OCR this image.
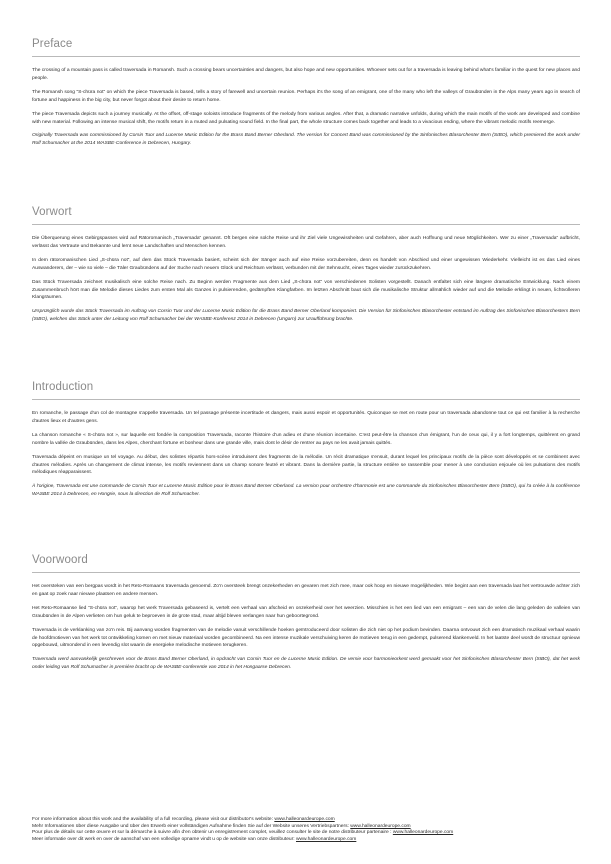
Preface

The crossing of a mountain pass is called traversada in Romansh. Such a crossing bears uncertainties and dangers, but also hope and new opportunities. Whoever sets out for a traversada is leaving behind what's familiar in the quest for new places and people.

The Romansh song “S-chüra not” on which the piece Traversada is based, tells a story of farewell and uncertain reunion. Perhaps it's the song of an emigrant, one of the many who left the valleys of Graubünden in the Alps many years ago in search of fortune and happiness in the big city, but never forgot about their desire to return home.

The piece Traversada depicts such a journey musically. At the offset, off-stage soloists introduce fragments of the melody from various angles. After that, a dramatic narrative unfolds, during which the main motifs of the work are developed and combine with new material. Following an intense musical shift, the motifs return in a muted and pulsating sound field. In the final part, the whole structure comes back together and leads to a vivacious ending, where the vibrant melodic motifs reemerge.

Originally Traversada was commissioned by Corsin Tuor and Lucerne Music Edition for the Brass Band Berner Oberland. The version for Concert Band was commissioned by the Sinfonisches Blasorchester Bern (SIBO), which premiered the work under Rolf Schumacher at the 2014 WASBE-Conference in Debrecen, Hungary.

Vorwort

Die Überquerung eines Gebirgspasses wird auf Rätoromanisch „Traversada“ genannt. Oft bergen eine solche Reise und ihr Ziel viele Ungewissheiten und Gefahren, aber auch Hoffnung und neue Möglichkeiten. Wer zu einer „Traversada“ aufbricht, verlässt das Vertraute und Bekannte und lernt neue Landschaften und Menschen kennen.

In dem rätoromanischen Lied „S-chüra not“, auf dem das Stück Traversada basiert, scheint sich der Sänger auch auf eine Reise vorzubereiten, denn es handelt von Abschied und einer ungewissen Wiederkehr. Vielleicht ist es das Lied eines Auswanderers, der – wie so viele – die Täler Graubündens auf der Suche nach neuem Glück und Reichtum verlässt, verbunden mit der Sehnsucht, eines Tages wieder zurückzukehren.

Das Stück Traversada zeichnet musikalisch eine solche Reise nach. Zu Beginn werden Fragmente aus dem Lied „S-chüra not“ von verschiedenen Solisten vorgestellt. Danach entfaltet sich eine längere dramatische Entwicklung. Nach einem Zusammenbruch hört man die Melodie dieses Liedes zum ersten Mal als Ganzes in pulsierenden, gedämpften Klangfarben. Im letzten Abschnitt baut sich die musikalische Struktur allmählich wieder auf und die Melodie erklingt in neuen, lichtvolleren Klangräumen.

Ursprünglich wurde das Stück Traversada im Auftrag von Corsin Tuor und der Lucerne Music Edition für die Brass Band Berner Oberland komponiert. Die Version für Sinfonisches Blasorchester entstand im Auftrag des Sinfonischen Blasorchesters Bern (SIBO), welches das Stück unter der Leitung von Rolf Schumacher bei der WASBE-Konferenz 2014 in Debrecen (Ungarn) zur Uraufführung brachte.

Introduction

En romanche, le passage d'un col de montagne s'appelle traversada. Un tel passage présente incertitude et dangers, mais aussi espoir et opportunités. Quiconque se met en route pour un traversada abandonne tout ce qui est familier à la recherche d'autres lieux et d'autres gens.

La chanson romanche « S-chüra not », sur laquelle est fondée la composition Traversada, raconte l'histoire d'un adieu et d'une réunion incertaine. C'est peut-être la chanson d'un émigrant, l'un de ceux qui, il y a fort longtemps, quittèrent en grand nombre la vallée de Graubünden, dans les Alpes, cherchant fortune et bonheur dans une grande ville, mais dont le désir de rentrer au pays ne les avait jamais quittés.

Traversada dépeint en musique un tel voyage. Au début, des solistes répartis hors-scène introduisent des fragments de la mélodie. Un récit dramatique s'ensuit, durant lequel les principaux motifs de la pièce sont développés et se combinent avec d'autres mélodies. Après un changement de climat intense, les motifs reviennent dans un champ sonore feutré et vibrant. Dans la dernière partie, la structure entière se rassemble pour mener à une conclusion enjouée où les pulsations des motifs mélodiques réapparaissent.

À l'origine, Traversada est une commande de Corsin Tuor et Lucerne Music Edition pour le Brass Band Berner Oberland. La version pour orchestre d'harmonie est une commande du Sinfonisches Blasorchester Bern (SIBO), qui l'a créée à la conférence WASBE 2014 à Debrecen, en Hongrie, sous la direction de Rolf Schumacher.

Voorwoord

Het oversteken van een bergpas wordt in het Reto-Romaans traversada genoemd. Zo'n oversteek brengt onzekerheden en gevaren met zich mee, maar ook hoop en nieuwe mogelijkheden. Wie begint aan een traversada laat het vertrouwde achter zich en gaat op zoek naar nieuwe plaatsen en andere mensen.

Het Reto-Romaanse lied “S-chüra not”, waarop het werk Traversada gebaseerd is, vertelt een verhaal van afscheid en onzekerheid over het weerzien. Misschien is het een lied van een emigrant – een van de velen die lang geleden de valleien van Graubünden in de Alpen verlieten om hun geluk te beproeven in de grote stad, maar altijd bleven verlangen naar hun geboortegrond.

Traversada is de verklanking van zo'n reis. Bij aanvang worden fragmenten van de melodie vanuit verschillende hoeken geïntroduceerd door solisten die zich niet op het podium bevinden. Daarna ontvouwt zich een dramatisch muzikaal verhaal waarin de hoofdmotieven van het werk tot ontwikkeling komen en met nieuw materiaal worden gecombineerd. Na een intense muzikale verschuiving keren de motieven terug in een gedempt, pulserend klankenveld. In het laatste deel wordt de structuur opnieuw opgebouwd, uitmondend in een levendig slot waarin de energieke melodische motieven terugkeren.

Traversada werd aanvankelijk geschreven voor de Brass Band Berner Oberland, in opdracht van Corsin Tuor en de Lucerne Music Edition. De versie voor harmonieorkest werd gemaakt voor het Sinfonisches Blasorchester Bern (SIBO), dat het werk onder leiding van Rolf Schumacher in première bracht op de WASBE-conferentie van 2014 in het Hongaarse Debrecen.

For more information about this work and the availability of a full recording, please visit our distributor's website: www.halleonardeurope.com
Mehr Informationen über diese Ausgabe und über den Erwerb einer vollständigen Aufnahme finden Sie auf der Website unseres Vertriebspartners: www.halleonardeurope.com
Pour plus de détails sur cette œuvre et sur la démarche à suivre afin d'en obtenir un enregistrement complet, veuillez consulter le site de notre distributeur partenaire : www.halleonardeurope.com
Meer informatie over dit werk en over de aanschaf van een volledige opname vindt u op de website van onze distributeur: www.halleonardeurope.com
